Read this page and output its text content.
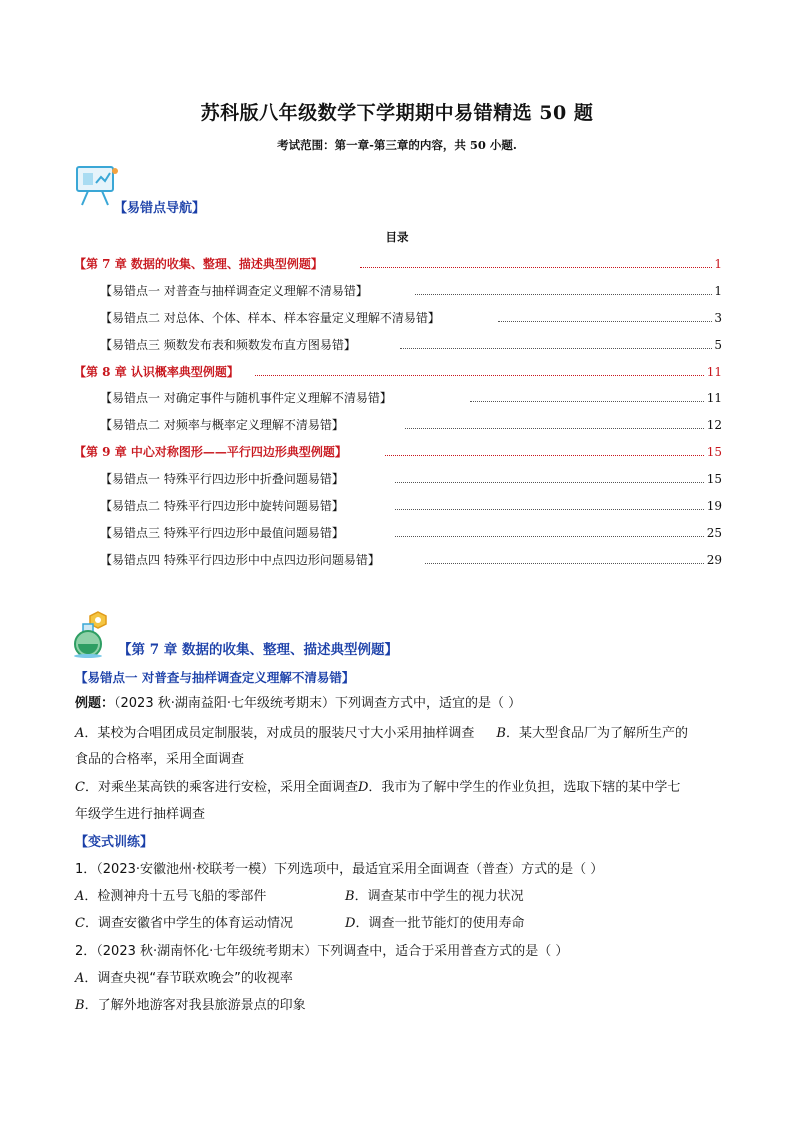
苏科版八年级数学下学期期中易错精选 50 题
考试范围：第一章-第三章的内容，共 50 小题.
【易错点导航】
目录
【第 7 章 数据的收集、整理、描述典型例题】	1
【易错点一 对普查与抽样调查定义理解不清易错】	1
【易错点二 对总体、个体、样本、样本容量定义理解不清易错】	3
【易错点三 频数发布表和频数发布直方图易错】	5
【第 8 章 认识概率典型例题】	11
【易错点一 对确定事件与随机事件定义理解不清易错】	11
【易错点二 对频率与概率定义理解不清易错】	12
【第 9 章 中心对称图形——平行四边形典型例题】	15
【易错点一 特殊平行四边形中折叠问题易错】	15
【易错点二 特殊平行四边形中旋转问题易错】	19
【易错点三 特殊平行四边形中最值问题易错】	25
【易错点四 特殊平行四边形中中点四边形问题易错】	29
【第 7 章 数据的收集、整理、描述典型例题】
【易错点一 对普查与抽样调查定义理解不清易错】
例题：（2023 秋·湖南益阳·七年级统考期末）下列调查方式中，适宜的是（ ）
A．某校为合唱团成员定制服装，对成员的服装尺寸大小采用抽样调查 B．某大型食品厂为了解所生产的
食品的合格率，采用全面调查
C．对乘坐某高铁的乘客进行安检，采用全面调查D．我市为了解中学生的作业负担，选取下辖的某中学七
年级学生进行抽样调查
【变式训练】
1．（2023·安徽池州·校联考一模）下列选项中，最适宜采用全面调查（普查）方式的是（ ）
A．检测神舟十五号飞船的零部件	B．调查某市中学生的视力状况
C．调查安徽省中学生的体育运动情况	D．调查一批节能灯的使用寿命
2．（2023 秋·湖南怀化·七年级统考期末）下列调查中，适合于采用普查方式的是（ ）
A．调查央视“春节联欢晚会”的收视率
B．了解外地游客对我县旅游景点的印象
